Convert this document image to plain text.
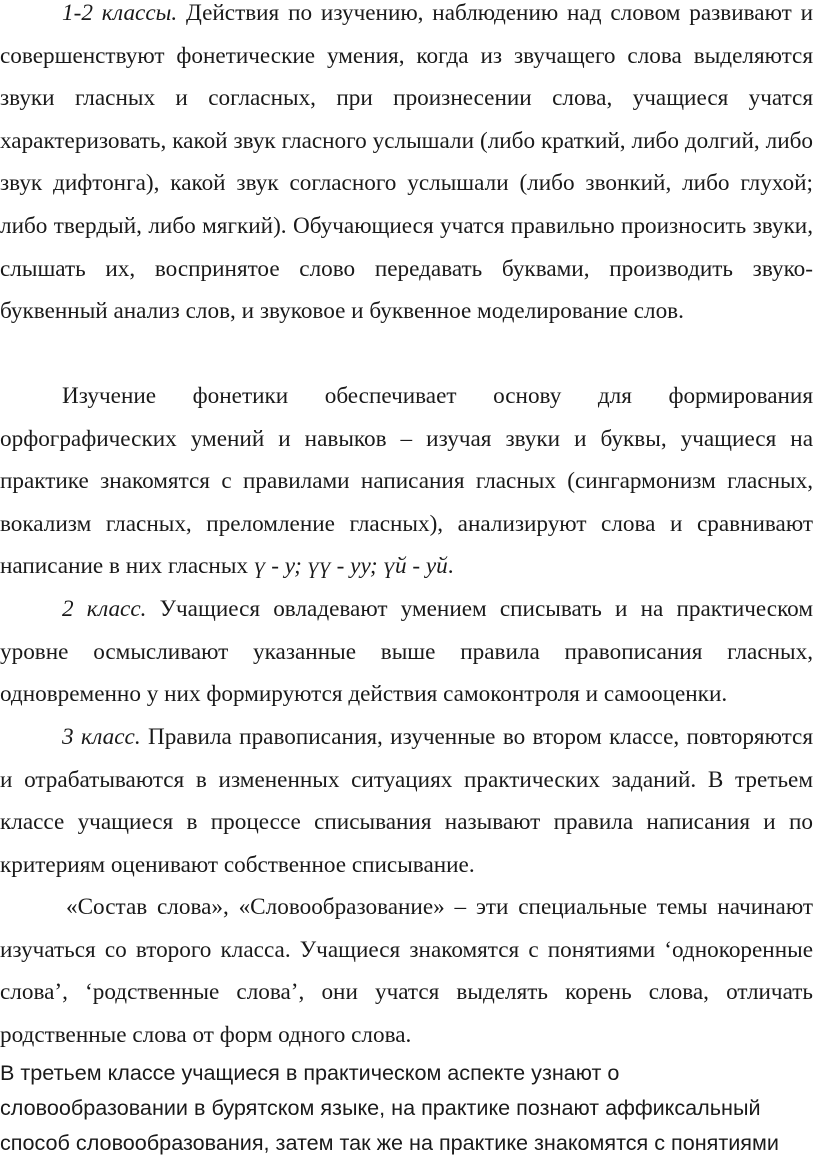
1-2 классы. Действия по изучению, наблюдению над словом развивают и совершенствуют фонетические умения, когда из звучащего слова выделяются звуки гласных и согласных, при произнесении слова, учащиеся учатся характеризовать, какой звук гласного услышали (либо краткий, либо долгий, либо звук дифтонга), какой звук согласного услышали (либо звонкий, либо глухой; либо твердый, либо мягкий). Обучающиеся учатся правильно произносить звуки, слышать их, воспринятое слово передавать буквами, производить звуко-буквенный анализ слов, и звуковое и буквенное моделирование слов.

Изучение фонетики обеспечивает основу для формирования орфографических умений и навыков – изучая звуки и буквы, учащиеся на практике знакомятся с правилами написания гласных (сингармонизм гласных, вокализм гласных, преломление гласных), анализируют слова и сравнивают написание в них гласных ү - у; үү - уу; үй - уй.

2 класс. Учащиеся овладевают умением списывать и на практическом уровне осмысливают указанные выше правила правописания гласных, одновременно у них формируются действия самоконтроля и самооценки.

3 класс. Правила правописания, изученные во втором классе, повторяются и отрабатываются в измененных ситуациях практических заданий. В третьем классе учащиеся в процессе списывания называют правила написания и по критериям оценивают собственное списывание.

«Состав слова», «Словообразование» – эти специальные темы начинают изучаться со второго класса. Учащиеся знакомятся с понятиями ‘однокоренные слова’, ‘родственные слова’, они учатся выделять корень слова, отличать родственные слова от форм одного слова.

В третьем классе учащиеся в практическом аспекте узнают о
словообразовании в бурятском языке, на практике познают аффиксальный
способ словообразования, затем так же на практике знакомятся с понятиями
